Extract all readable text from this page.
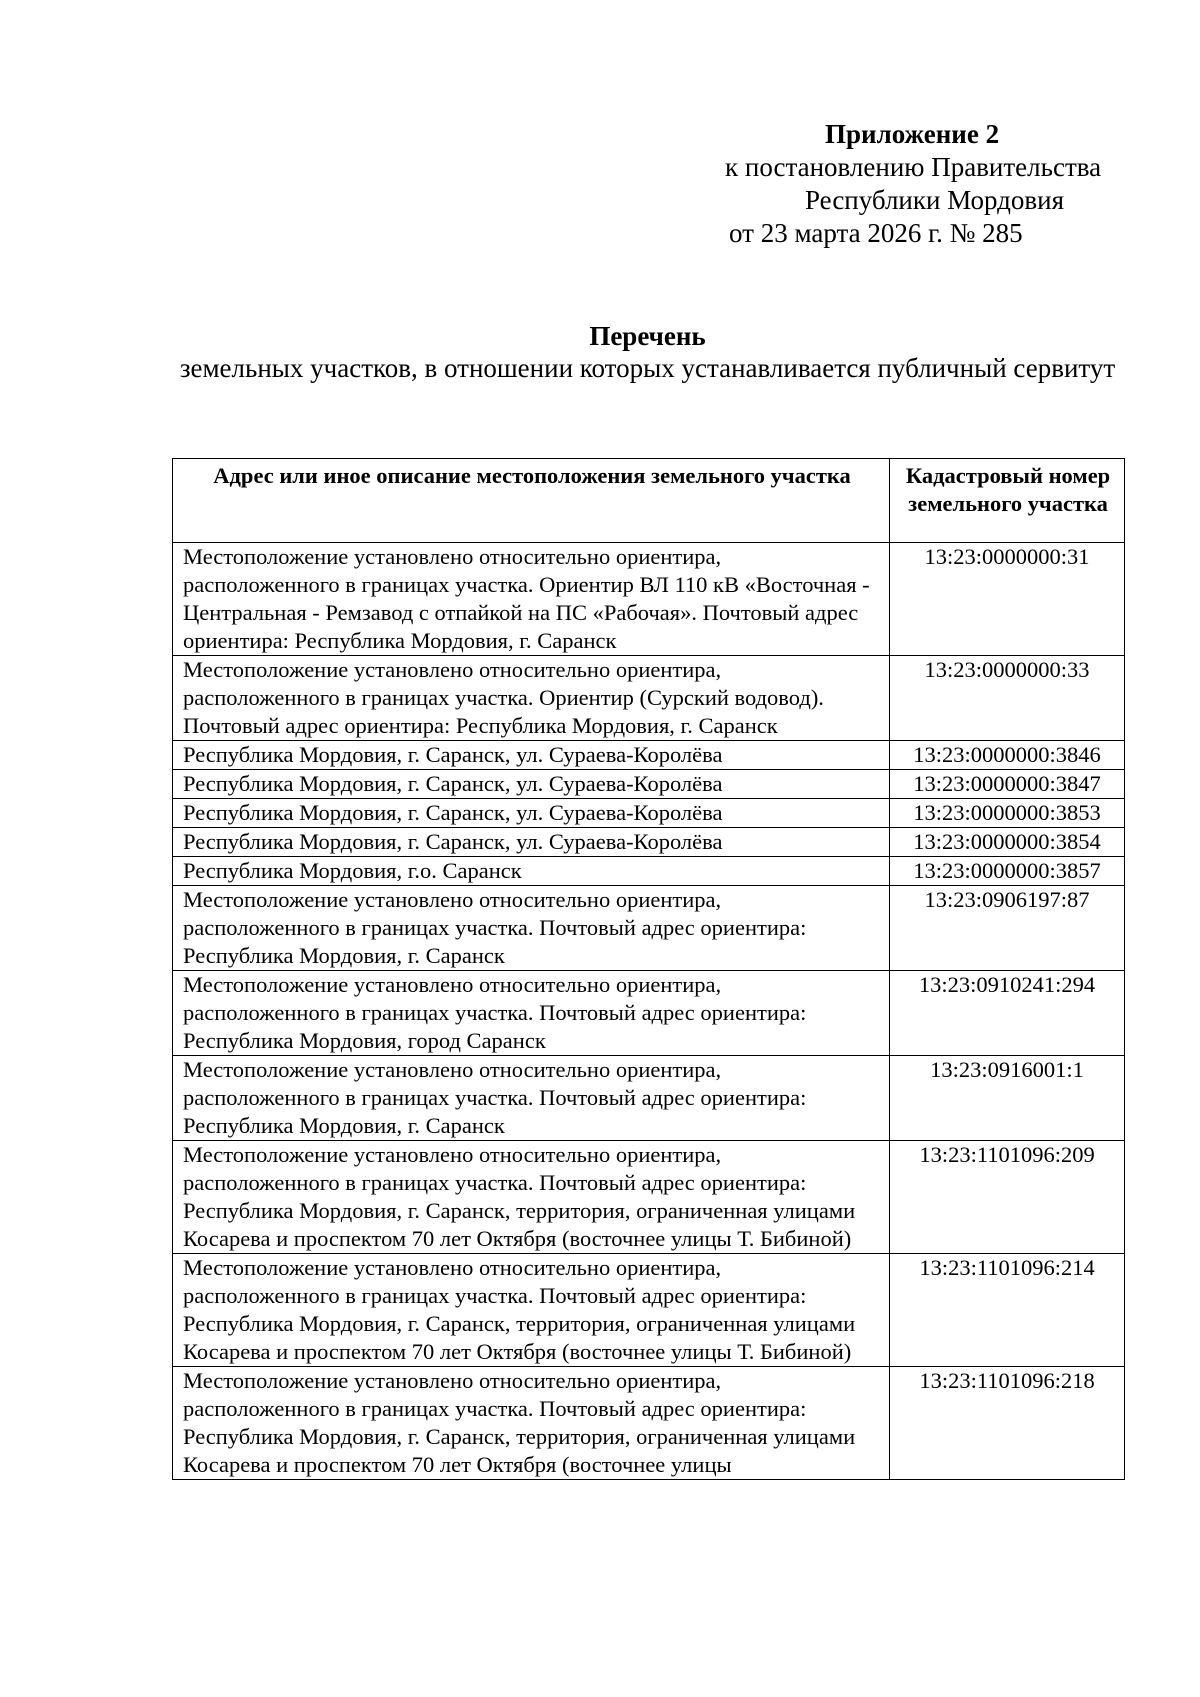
Приложение 2
к постановлению Правительства
Республики Мордовия
от 23 марта 2026 г. № 285
Перечень
земельных участков, в отношении которых устанавливается публичный сервитут
Адрес или иное описание местоположения земельного участка	Кадастровый номер земельного участка
Местоположение установлено относительно ориентира, расположенного в границах участка. Ориентир ВЛ 110 кВ «Восточная - Центральная - Ремзавод с отпайкой на ПС «Рабочая». Почтовый адрес ориентира: Республика Мордовия, г. Саранск	13:23:0000000:31
Местоположение установлено относительно ориентира, расположенного в границах участка. Ориентир (Сурский водовод). Почтовый адрес ориентира: Республика Мордовия, г. Саранск	13:23:0000000:33
Республика Мордовия, г. Саранск, ул. Сураева-Королёва	13:23:0000000:3846
Республика Мордовия, г. Саранск, ул. Сураева-Королёва	13:23:0000000:3847
Республика Мордовия, г. Саранск, ул. Сураева-Королёва	13:23:0000000:3853
Республика Мордовия, г. Саранск, ул. Сураева-Королёва	13:23:0000000:3854
Республика Мордовия, г.о. Саранск	13:23:0000000:3857
Местоположение установлено относительно ориентира, расположенного в границах участка. Почтовый адрес ориентира: Республика Мордовия, г. Саранск	13:23:0906197:87
Местоположение установлено относительно ориентира, расположенного в границах участка. Почтовый адрес ориентира: Республика Мордовия, город Саранск	13:23:0910241:294
Местоположение установлено относительно ориентира, расположенного в границах участка. Почтовый адрес ориентира: Республика Мордовия, г. Саранск	13:23:0916001:1
Местоположение установлено относительно ориентира, расположенного в границах участка. Почтовый адрес ориентира: Республика Мордовия, г. Саранск, территория, ограниченная улицами Косарева и проспектом 70 лет Октября (восточнее улицы Т. Бибиной)	13:23:1101096:209
Местоположение установлено относительно ориентира, расположенного в границах участка. Почтовый адрес ориентира: Республика Мордовия, г. Саранск, территория, ограниченная улицами Косарева и проспектом 70 лет Октября (восточнее улицы Т. Бибиной)	13:23:1101096:214
Местоположение установлено относительно ориентира, расположенного в границах участка. Почтовый адрес ориентира: Республика Мордовия, г. Саранск, территория, ограниченная улицами Косарева и проспектом 70 лет Октября (восточнее улицы	13:23:1101096:218
